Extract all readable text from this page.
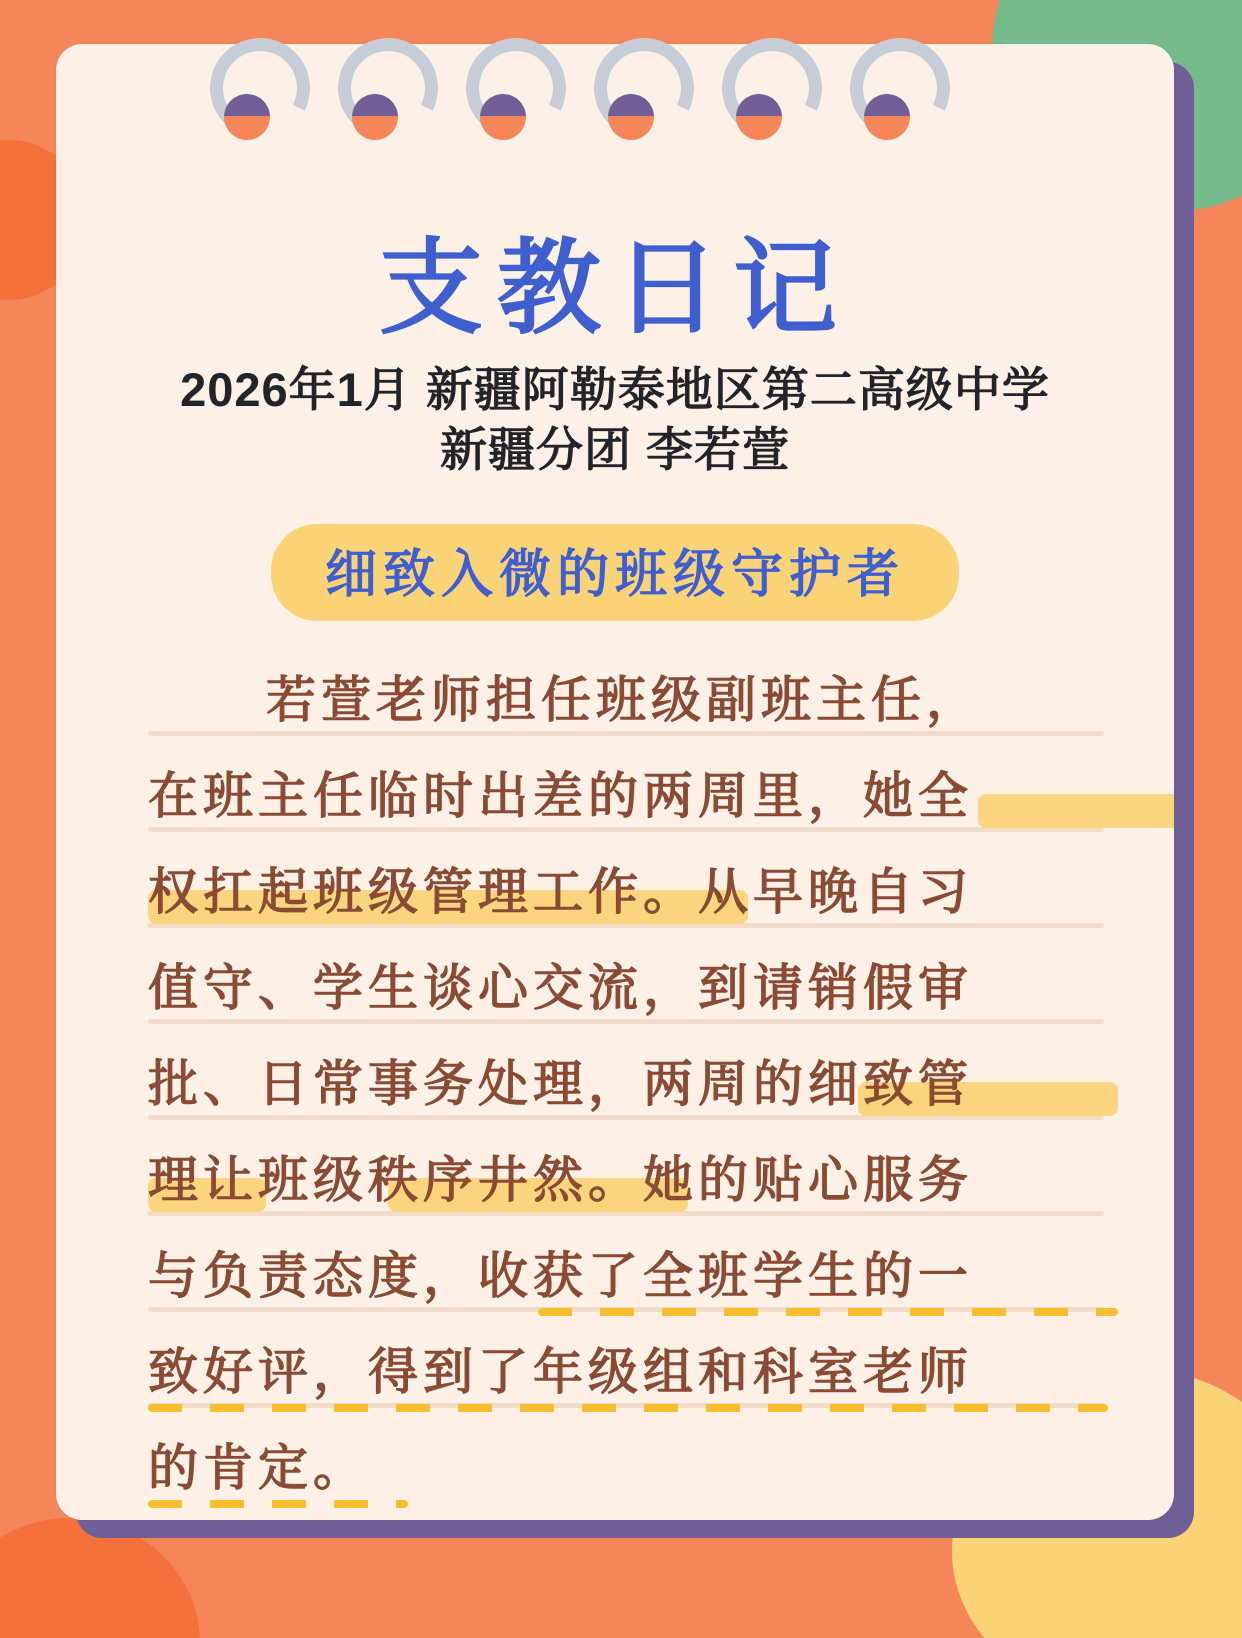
支教日记
2026年1月 新疆阿勒泰地区第二高级中学
新疆分团 李若萱
细致入微的班级守护者
若萱老师担任班级副班主任，
在班主任临时出差的两周里，她全
权扛起班级管理工作。从早晚自习
值守、学生谈心交流，到请销假审
批、日常事务处理，两周的细致管
理让班级秩序井然。她的贴心服务
与负责态度，收获了全班学生的一
致好评，得到了年级组和科室老师
的肯定。
